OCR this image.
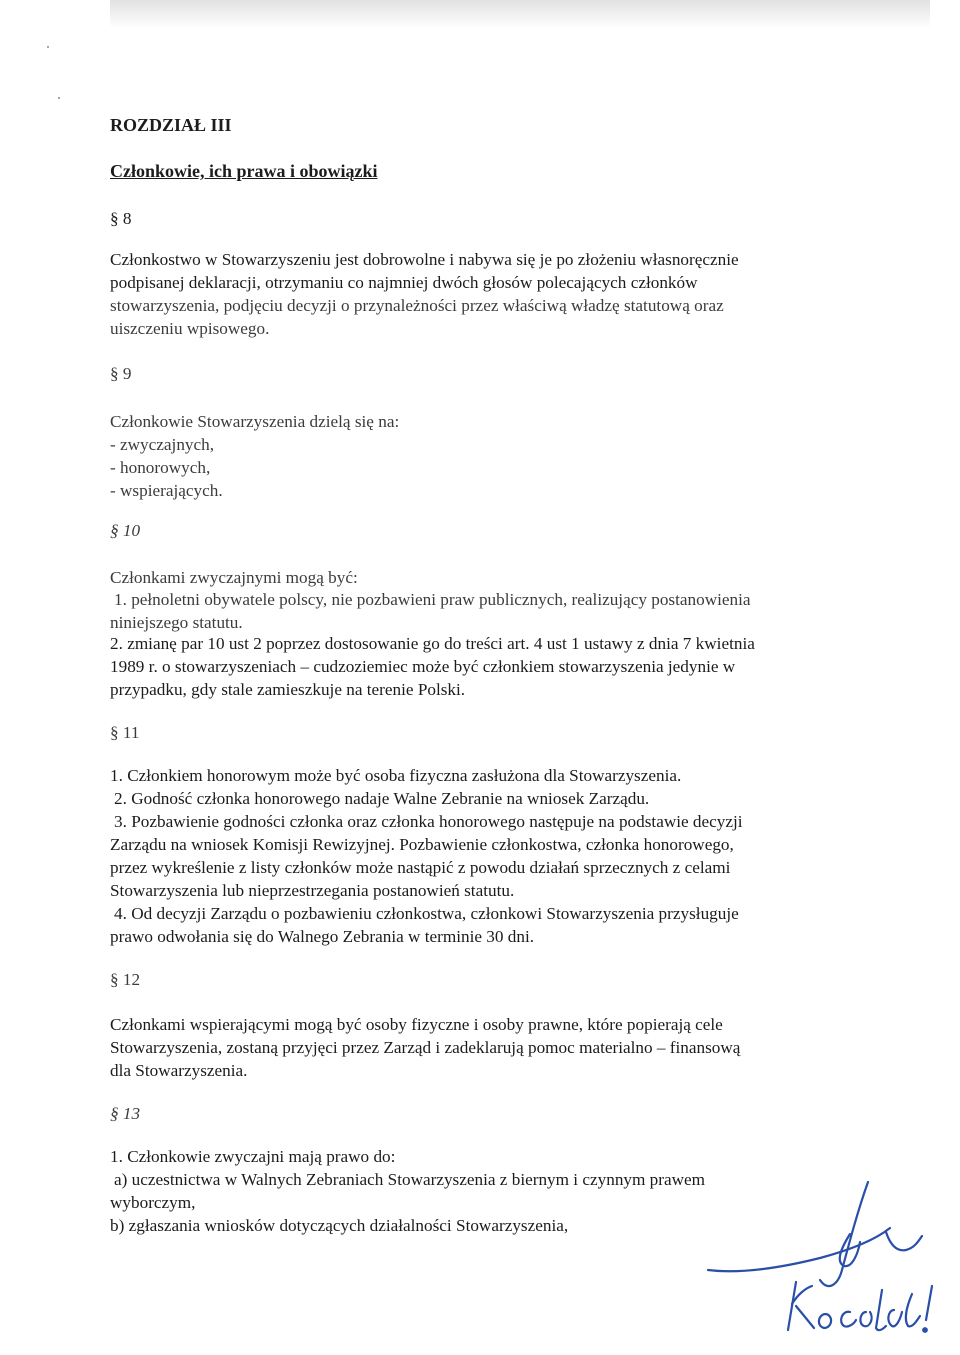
ROZDZIAŁ III
Członkowie, ich prawa i obowiązki
§ 8
Członkostwo w Stowarzyszeniu jest dobrowolne i nabywa się je po złożeniu własnoręcznie
podpisanej deklaracji, otrzymaniu co najmniej dwóch głosów polecających członków
stowarzyszenia, podjęciu decyzji o przynależności przez właściwą władzę statutową oraz
uiszczeniu wpisowego.
§ 9
Członkowie Stowarzyszenia dzielą się na:
- zwyczajnych,
- honorowych,
- wspierających.
§ 10
Członkami zwyczajnymi mogą być:
1. pełnoletni obywatele polscy, nie pozbawieni praw publicznych, realizujący postanowienia
niniejszego statutu.
2. zmianę par 10 ust 2 poprzez dostosowanie go do treści art. 4 ust 1 ustawy z dnia 7 kwietnia
1989 r. o stowarzyszeniach – cudzoziemiec może być członkiem stowarzyszenia jedynie w
przypadku, gdy stale zamieszkuje na terenie Polski.
§ 11
1. Członkiem honorowym może być osoba fizyczna zasłużona dla Stowarzyszenia.
2. Godność członka honorowego nadaje Walne Zebranie na wniosek Zarządu.
3. Pozbawienie godności członka oraz członka honorowego następuje na podstawie decyzji
Zarządu na wniosek Komisji Rewizyjnej. Pozbawienie członkostwa, członka honorowego,
przez wykreślenie z listy członków może nastąpić z powodu działań sprzecznych z celami
Stowarzyszenia lub nieprzestrzegania postanowień statutu.
4. Od decyzji Zarządu o pozbawieniu członkostwa, członkowi Stowarzyszenia przysługuje
prawo odwołania się do Walnego Zebrania w terminie 30 dni.
§ 12
Członkami wspierającymi mogą być osoby fizyczne i osoby prawne, które popierają cele
Stowarzyszenia, zostaną przyjęci przez Zarząd i zadeklarują pomoc materialno – finansową
dla Stowarzyszenia.
§ 13
1. Członkowie zwyczajni mają prawo do:
a) uczestnictwa w Walnych Zebraniach Stowarzyszenia z biernym i czynnym prawem
wyborczym,
b) zgłaszania wniosków dotyczących działalności Stowarzyszenia,
